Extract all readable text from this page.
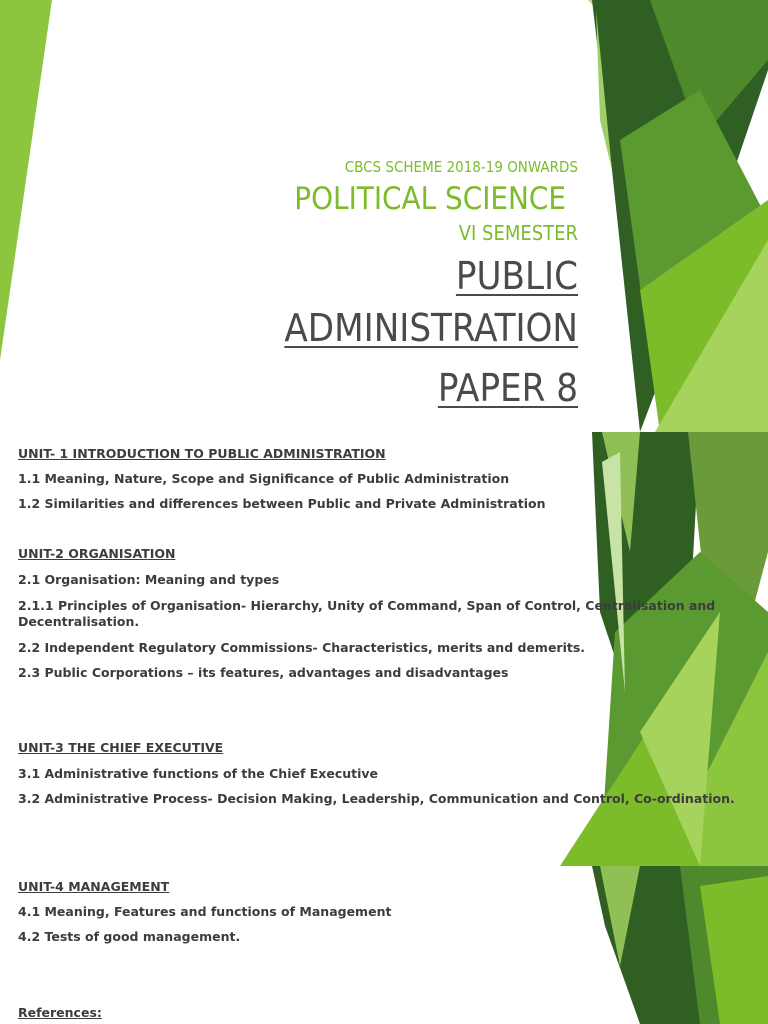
CBCS SCHEME 2018-19 ONWARDS
POLITICAL SCIENCE
VI SEMESTER
PUBLIC
ADMINISTRATION
PAPER 8
UNIT- 1 INTRODUCTION TO PUBLIC ADMINISTRATION
1.1 Meaning, Nature, Scope and Significance of Public Administration
1.2 Similarities and differences between Public and Private Administration
UNIT-2 ORGANISATION
2.1 Organisation: Meaning and types
2.1.1 Principles of Organisation- Hierarchy, Unity of Command, Span of Control, Centralisation and
Decentralisation.
2.2 Independent Regulatory Commissions- Characteristics, merits and demerits.
2.3 Public Corporations – its features, advantages and disadvantages
UNIT-3 THE CHIEF EXECUTIVE
3.1 Administrative functions of the Chief Executive
3.2 Administrative Process- Decision Making, Leadership, Communication and Control, Co-ordination.
UNIT-4 MANAGEMENT
4.1 Meaning, Features and functions of Management
4.2 Tests of good management.
References:
